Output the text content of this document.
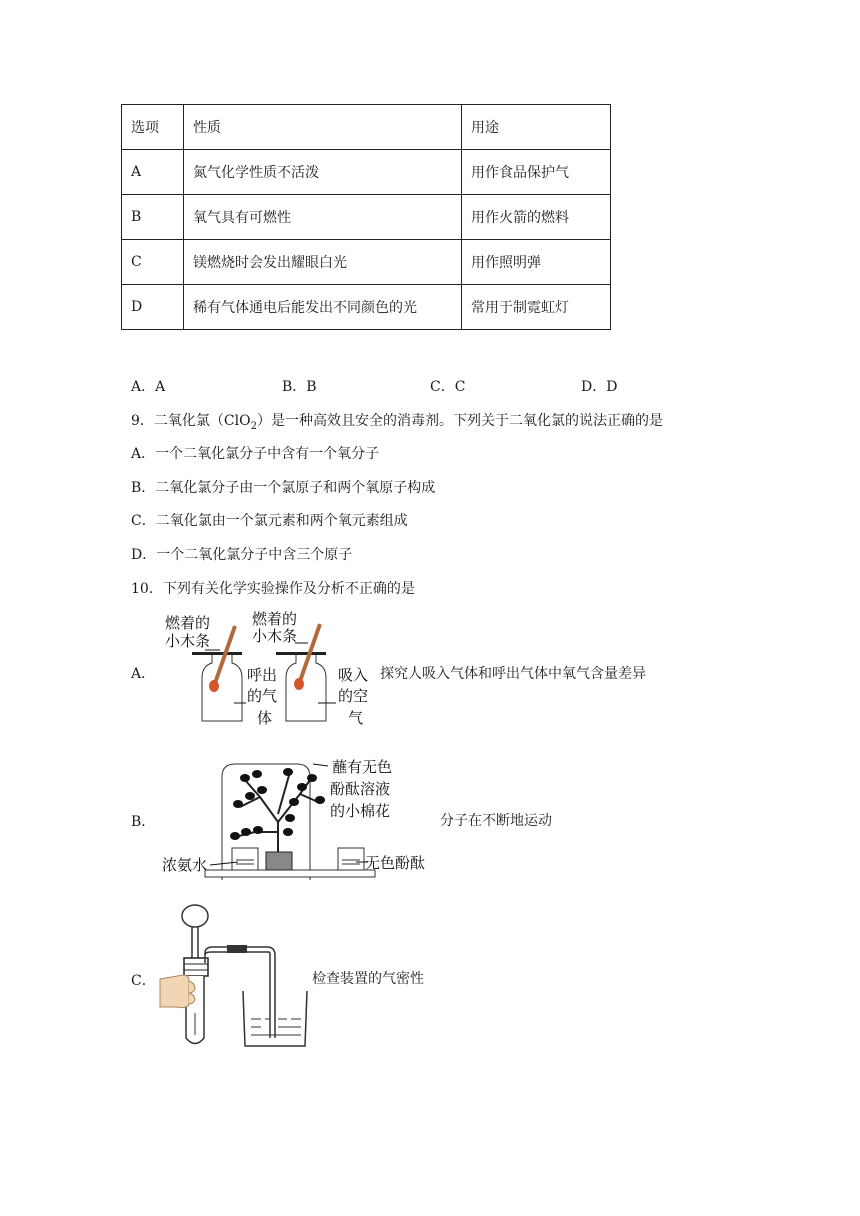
选项	性质	用途
A	氮气化学性质不活泼	用作食品保护气
B	氧气具有可燃性	用作火箭的燃料
C	镁燃烧时会发出耀眼白光	用作照明弹
D	稀有气体通电后能发出不同颜色的光	常用于制霓虹灯
A．A	B．B	C．C	D．D
9．二氧化氯（ClO$_2$）是一种高效且安全的消毒剂。下列关于二氧化氯的说法正确的是
A．一个二氧化氯分子中含有一个氧分子
B．二氧化氯分子由一个氯原子和两个氧原子构成
C．二氧化氯由一个氯元素和两个氧元素组成
D．一个二氧化氯分子中含三个原子
10．下列有关化学实验操作及分析不正确的是
A．
燃着的
小木条
燃着的
小木条
呼出
的气
体
吸入
的空
气
探究人吸入气体和呼出气体中氧气含量差异
B．
蘸有无色
酚酞溶液
的小棉花
浓氨水	无色酚酞
分子在不断地运动
C．	检查装置的气密性
